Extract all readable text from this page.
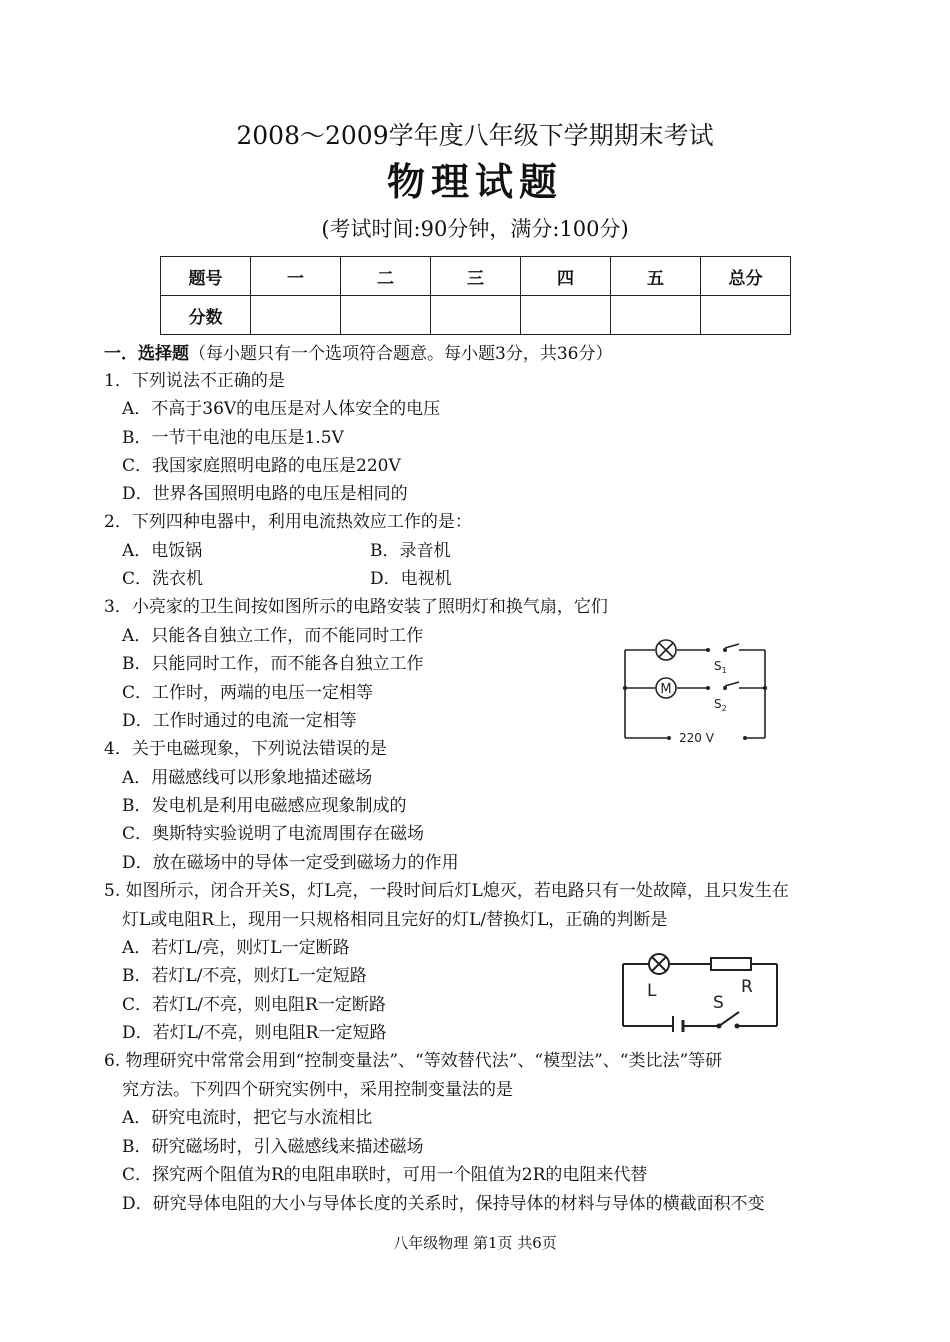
2008～2009学年度八年级下学期期末考试
物理试题
(考试时间:90分钟，满分:100分)
题号	一	二	三	四	五	总分
分数						
一．选择题（每小题只有一个选项符合题意。每小题3分，共36分）
1．下列说法不正确的是
A．不高于36V的电压是对人体安全的电压
B．一节干电池的电压是1.5V
C．我国家庭照明电路的电压是220V
D．世界各国照明电路的电压是相同的
2．下列四种电器中，利用电流热效应工作的是：
A．电饭锅	B．录音机
C．洗衣机	D．电视机
3．小亮家的卫生间按如图所示的电路安装了照明灯和换气扇，它们
A．只能各自独立工作，而不能同时工作
B．只能同时工作，而不能各自独立工作
C．工作时，两端的电压一定相等
D．工作时通过的电流一定相等
M
$S_1$
$S_2$
220 V
4．关于电磁现象，下列说法错误的是
A．用磁感线可以形象地描述磁场
B．发电机是利用电磁感应现象制成的
C．奥斯特实验说明了电流周围存在磁场
D．放在磁场中的导体一定受到磁场力的作用
5. 如图所示，闭合开关S，灯L亮，一段时间后灯L熄灭，若电路只有一处故障，且只发生在
灯L或电阻R上，现用一只规格相同且完好的灯L/替换灯L，正确的判断是
A．若灯L/亮，则灯L一定断路
B．若灯L/不亮，则灯L一定短路
C．若灯L/不亮，则电阻R一定断路
D．若灯L/不亮，则电阻R一定短路
L	R
S
6. 物理研究中常常会用到“控制变量法”、“等效替代法”、“模型法”、“类比法”等研
究方法。下列四个研究实例中，采用控制变量法的是
A．研究电流时，把它与水流相比
B．研究磁场时，引入磁感线来描述磁场
C．探究两个阻值为R的电阻串联时，可用一个阻值为2R的电阻来代替
D．研究导体电阻的大小与导体长度的关系时，保持导体的材料与导体的横截面积不变
八年级物理 第1页 共6页
